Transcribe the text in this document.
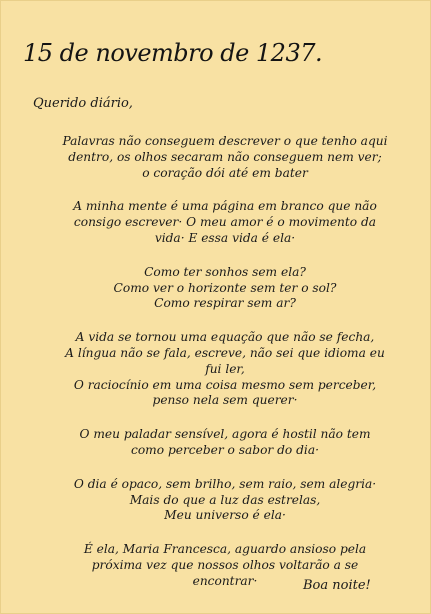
15 de novembro de 1237.
Querido diário,
Palavras não conseguem descrever o que tenho aqui
dentro, os olhos secaram não conseguem nem ver;
o coração dói até em bater
A minha mente é uma página em branco que não
consigo escrever· O meu amor é o movimento da
vida· E essa vida é ela·
Como ter sonhos sem ela?
Como ver o horizonte sem ter o sol?
Como respirar sem ar?
A vida se tornou uma equação que não se fecha,
A língua não se fala, escreve, não sei que idioma eu
fui ler,
O raciocínio em uma coisa mesmo sem perceber,
penso nela sem querer·
O meu paladar sensível, agora é hostil não tem
como perceber o sabor do dia·
O dia é opaco, sem brilho, sem raio, sem alegria·
Mais do que a luz das estrelas,
Meu universo é ela·
É ela, Maria Francesca, aguardo ansioso pela
próxima vez que nossos olhos voltarão a se
encontrar·	Boa noite!
